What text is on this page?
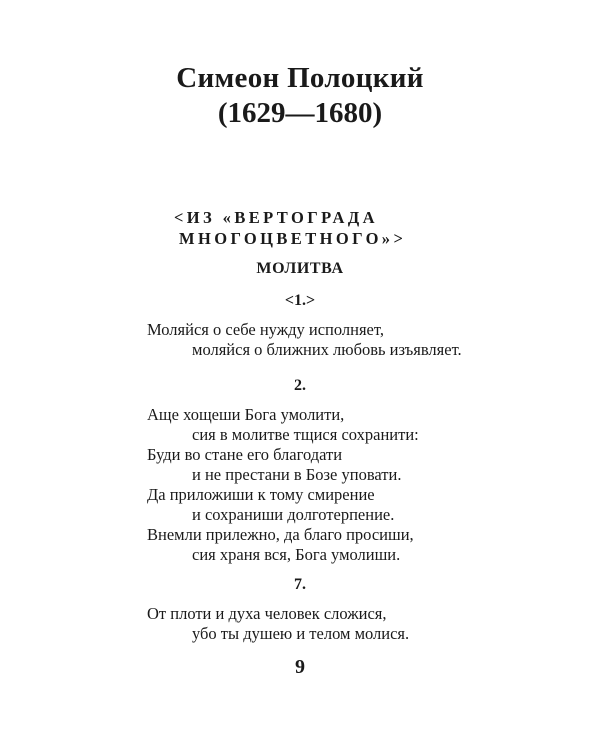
Симеон Полоцкий
(1629—1680)
<ИЗ «ВЕРТОГРАДА
МНОГОЦВЕТНОГО»>
МОЛИТВА
<1.>
Моляйся о себе нужду исполняет,
моляйся о ближних любовь изъявляет.
2.
Аще хощеши Бога умолити,
сия в молитве тщися сохранити:
Буди во стане его благодати
и не престани в Бозе уповати.
Да приложиши к тому смирение
и сохраниши долготерпение.
Внемли прилежно, да благо просиши,
сия храня вся, Бога умолиши.
7.
От плоти и духа человек сложися,
убо ты душею и телом молися.
9
